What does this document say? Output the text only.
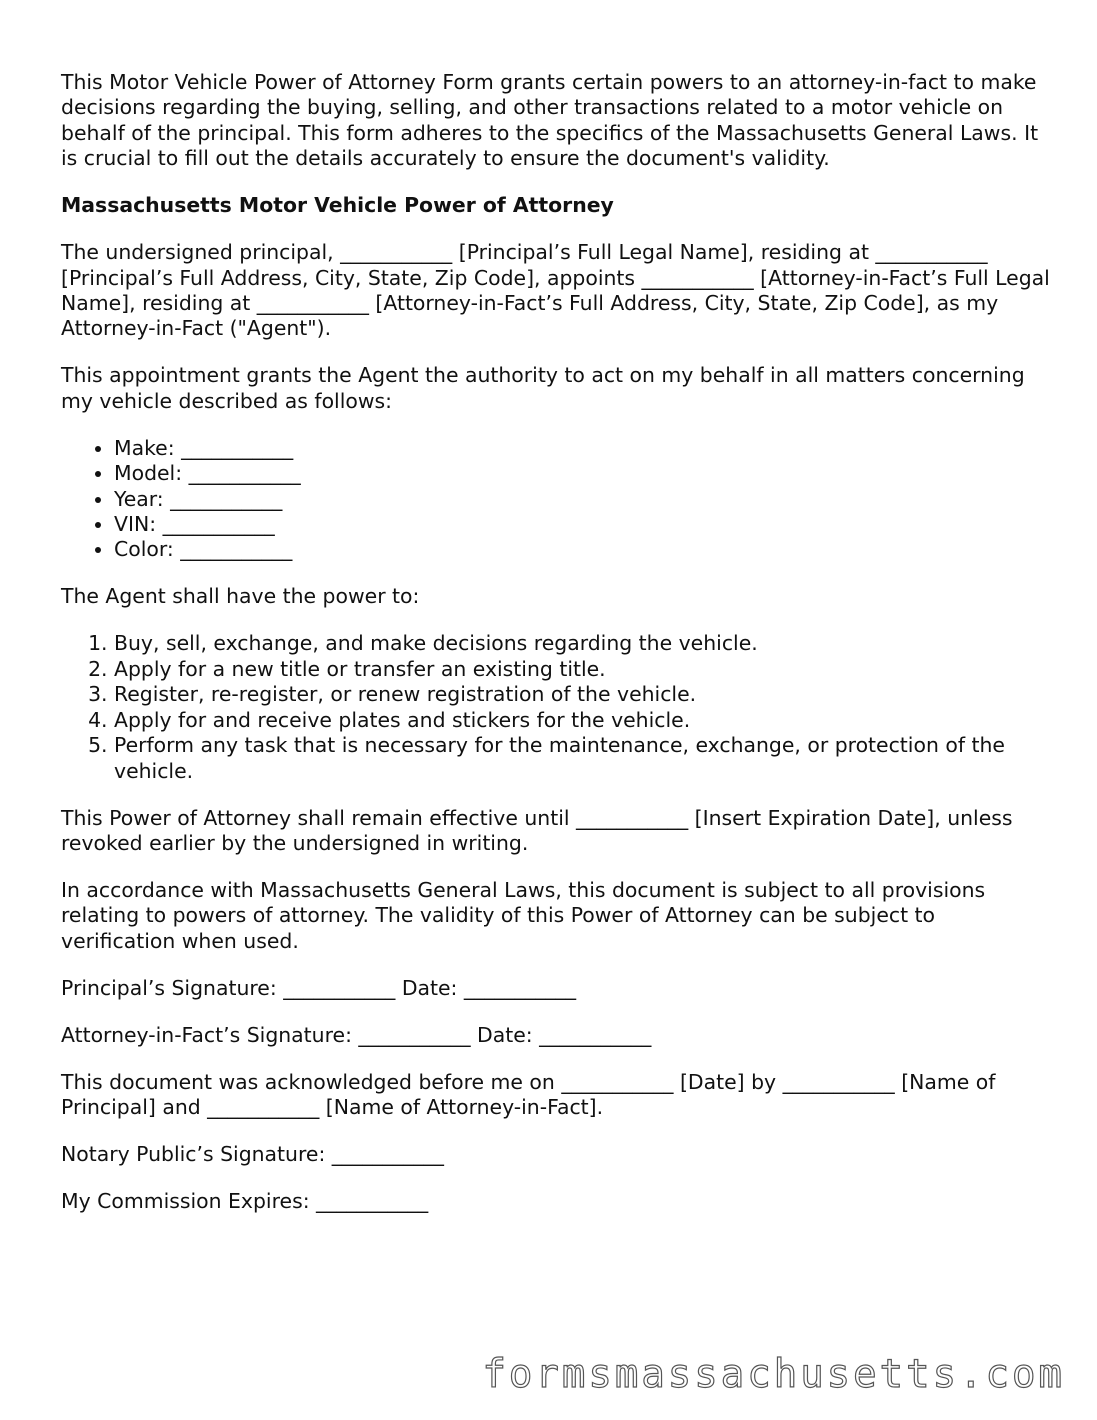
This Motor Vehicle Power of Attorney Form grants certain powers to an attorney-in-fact to make decisions regarding the buying, selling, and other transactions related to a motor vehicle on behalf of the principal. This form adheres to the specifics of the Massachusetts General Laws. It is crucial to fill out the details accurately to ensure the document's validity.

Massachusetts Motor Vehicle Power of Attorney

The undersigned principal, ___________ [Principal’s Full Legal Name], residing at ___________ [Principal’s Full Address, City, State, Zip Code], appoints ___________ [Attorney-in-Fact’s Full Legal Name], residing at ___________ [Attorney-in-Fact’s Full Address, City, State, Zip Code], as my Attorney-in-Fact ("Agent").

This appointment grants the Agent the authority to act on my behalf in all matters concerning my vehicle described as follows:

• Make: ___________
• Model: ___________
• Year: ___________
• VIN: ___________
• Color: ___________

The Agent shall have the power to:

1. Buy, sell, exchange, and make decisions regarding the vehicle.
2. Apply for a new title or transfer an existing title.
3. Register, re-register, or renew registration of the vehicle.
4. Apply for and receive plates and stickers for the vehicle.
5. Perform any task that is necessary for the maintenance, exchange, or protection of the vehicle.

This Power of Attorney shall remain effective until ___________ [Insert Expiration Date], unless revoked earlier by the undersigned in writing.

In accordance with Massachusetts General Laws, this document is subject to all provisions relating to powers of attorney. The validity of this Power of Attorney can be subject to verification when used.

Principal’s Signature: ___________ Date: ___________

Attorney-in-Fact’s Signature: ___________ Date: ___________

This document was acknowledged before me on ___________ [Date] by ___________ [Name of Principal] and ___________ [Name of Attorney-in-Fact].

Notary Public’s Signature: ___________

My Commission Expires: ___________

formsmassachusetts.com
